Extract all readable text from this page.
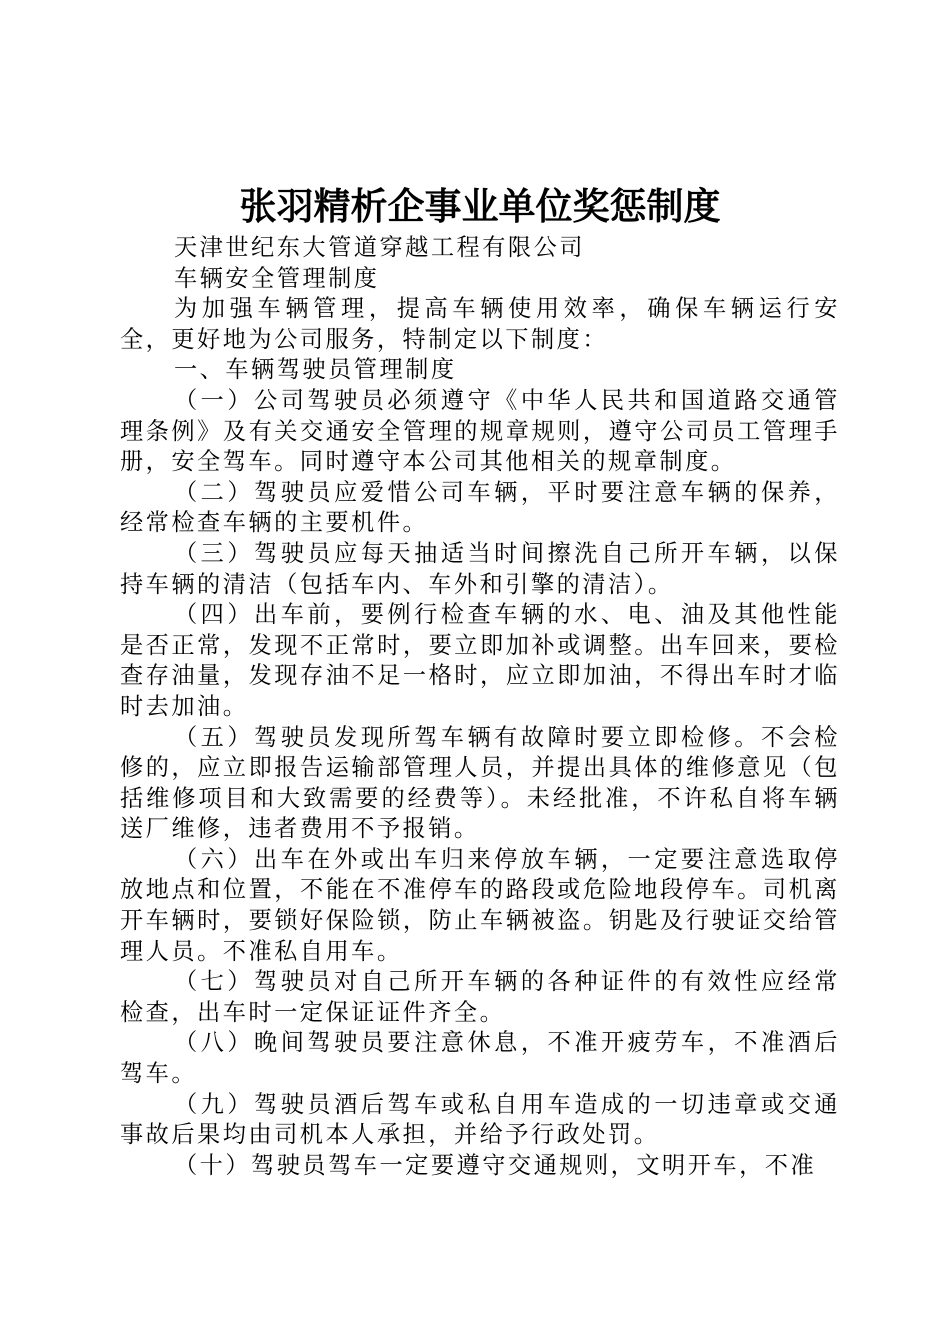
张羽精析企事业单位奖惩制度

天津世纪东大管道穿越工程有限公司

车辆安全管理制度

为加强车辆管理，提高车辆使用效率，确保车辆运行安全，更好地为公司服务，特制定以下制度：

一、车辆驾驶员管理制度

（一）公司驾驶员必须遵守《中华人民共和国道路交通管理条例》及有关交通安全管理的规章规则，遵守公司员工管理手册，安全驾车。同时遵守本公司其他相关的规章制度。

（二）驾驶员应爱惜公司车辆，平时要注意车辆的保养，经常检查车辆的主要机件。

（三）驾驶员应每天抽适当时间擦洗自己所开车辆，以保持车辆的清洁（包括车内、车外和引擎的清洁）。

（四）出车前，要例行检查车辆的水、电、油及其他性能是否正常，发现不正常时，要立即加补或调整。出车回来，要检查存油量，发现存油不足一格时，应立即加油，不得出车时才临时去加油。

（五）驾驶员发现所驾车辆有故障时要立即检修。不会检修的，应立即报告运输部管理人员，并提出具体的维修意见（包括维修项目和大致需要的经费等）。未经批准，不许私自将车辆送厂维修，违者费用不予报销。

（六）出车在外或出车归来停放车辆，一定要注意选取停放地点和位置，不能在不准停车的路段或危险地段停车。司机离开车辆时，要锁好保险锁，防止车辆被盗。钥匙及行驶证交给管理人员。不准私自用车。

（七）驾驶员对自己所开车辆的各种证件的有效性应经常检查，出车时一定保证证件齐全。

（八）晚间驾驶员要注意休息，不准开疲劳车，不准酒后驾车。

（九）驾驶员酒后驾车或私自用车造成的一切违章或交通事故后果均由司机本人承担，并给予行政处罚。

（十）驾驶员驾车一定要遵守交通规则，文明开车，不准
